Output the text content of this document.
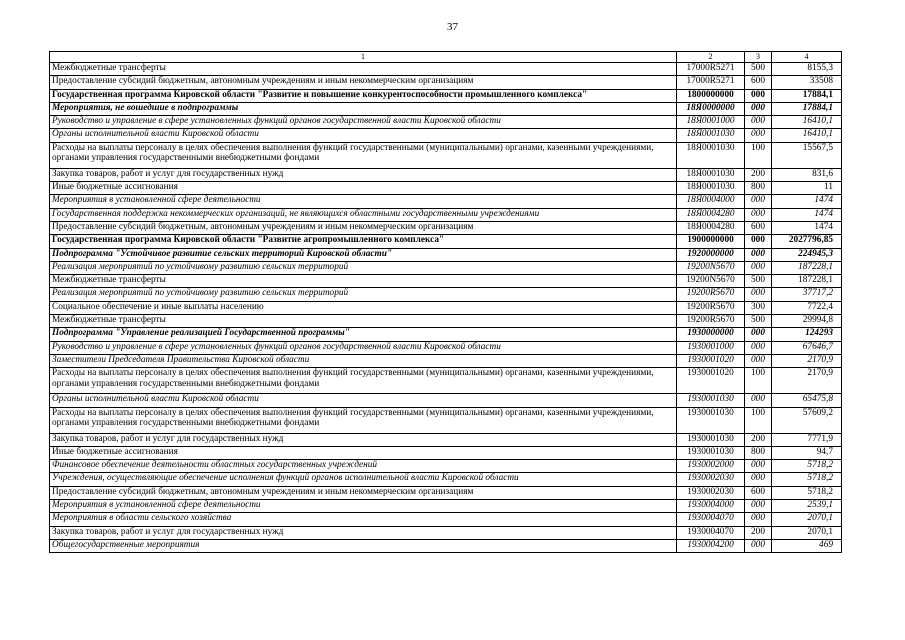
37
1	2	3	4
Межбюджетные трансферты	17000R5271	500	8155,3
Предоставление субсидий бюджетным, автономным учреждениям и иным некоммерческим организациям	17000R5271	600	33508
Государственная программа Кировской области "Развитие и повышение конкурентоспособности промышленного комплекса"	1800000000	000	17884,1
Мероприятия, не вошедшие в подпрограммы	18Я0000000	000	17884,1
Руководство и управление в сфере установленных функций органов государственной власти Кировской области	18Я0001000	000	16410,1
Органы исполнительной власти Кировской области	18Я0001030	000	16410,1
Расходы на выплаты персоналу в целях обеспечения выполнения функций государственными (муниципальными) органами, казенными учреждениями, органами управления государственными внебюджетными фондами	18Я0001030	100	15567,5
Закупка товаров, работ и услуг для государственных нужд	18Я0001030	200	831,6
Иные бюджетные ассигнования	18Я0001030	800	11
Мероприятия в установленной сфере деятельности	18Я0004000	000	1474
Государственная поддержка некоммерческих организаций, не являющихся областными государственными учреждениями	18Я0004280	000	1474
Предоставление субсидий бюджетным, автономным учреждениям и иным некоммерческим организациям	18Я0004280	600	1474
Государственная программа Кировской области "Развитие агропромышленного комплекса"	1900000000	000	2027796,85
Подпрограмма "Устойчивое развитие сельских территорий Кировской области"	1920000000	000	224945,3
Реализация мероприятий по устойчивому развитию сельских территорий	19200N5670	000	187228,1
Межбюджетные трансферты	19200N5670	500	187228,1
Реализация мероприятий по устойчивому развитию сельских территорий	19200R5670	000	37717,2
Социальное обеспечение и иные выплаты населению	19200R5670	300	7722,4
Межбюджетные трансферты	19200R5670	500	29994,8
Подпрограмма "Управление реализацией Государственной программы"	1930000000	000	124293
Руководство и управление в сфере установленных функций органов государственной власти Кировской области	1930001000	000	67646,7
Заместители Председателя Правительства Кировской области	1930001020	000	2170,9
Расходы на выплаты персоналу в целях обеспечения выполнения функций государственными (муниципальными) органами, казенными учреждениями, органами управления государственными внебюджетными фондами	1930001020	100	2170,9
Органы исполнительной власти Кировской области	1930001030	000	65475,8
Расходы на выплаты персоналу в целях обеспечения выполнения функций государственными (муниципальными) органами, казенными учреждениями, органами управления государственными внебюджетными фондами	1930001030	100	57609,2
Закупка товаров, работ и услуг для государственных нужд	1930001030	200	7771,9
Иные бюджетные ассигнования	1930001030	800	94,7
Финансовое обеспечение деятельности областных государственных учреждений	1930002000	000	5718,2
Учреждения, осуществляющие обеспечение исполнения функций органов исполнительной власти Кировской области	1930002030	000	5718,2
Предоставление субсидий бюджетным, автономным учреждениям и иным некоммерческим организациям	1930002030	600	5718,2
Мероприятия в установленной сфере деятельности	1930004000	000	2539,1
Мероприятия в области сельского хозяйства	1930004070	000	2070,1
Закупка товаров, работ и услуг для государственных нужд	1930004070	200	2070,1
Общегосударственные мероприятия	1930004200	000	469
